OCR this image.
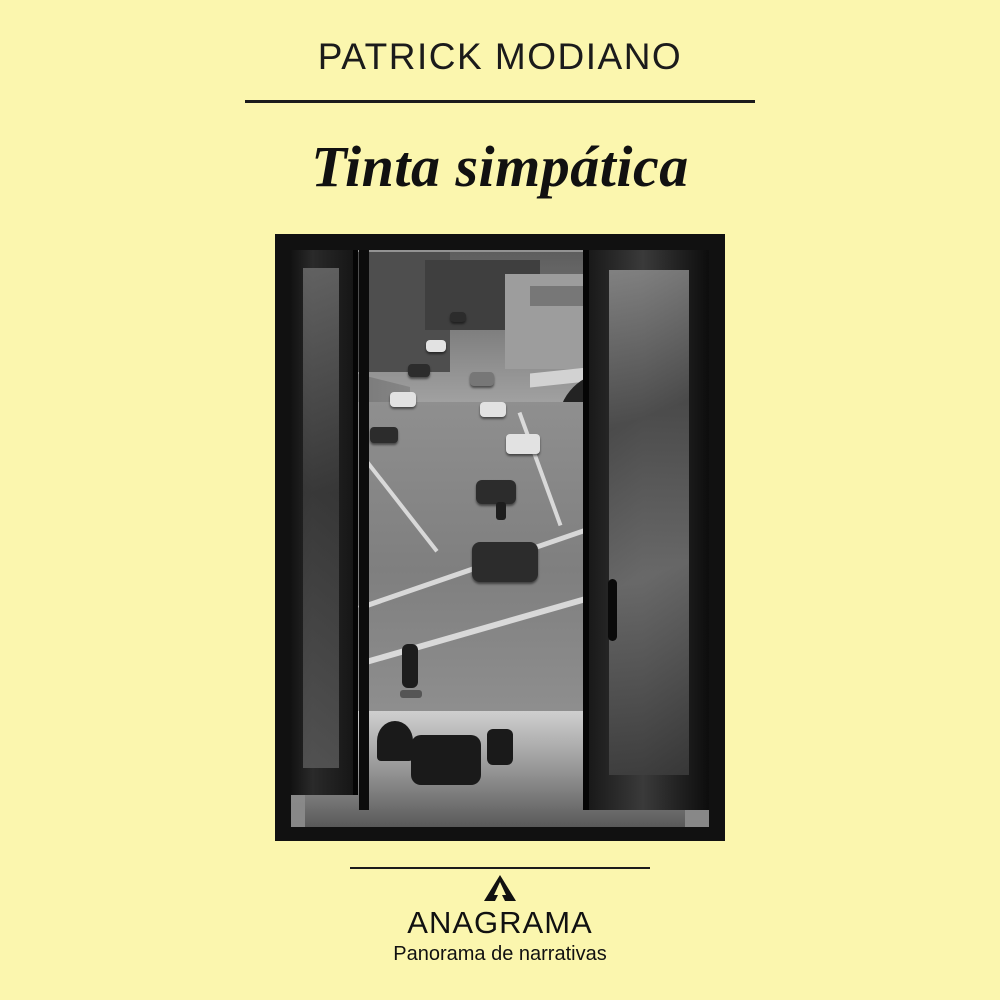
PATRICK MODIANO
Tinta simpática
ANAGRAMA
Panorama de narrativas
